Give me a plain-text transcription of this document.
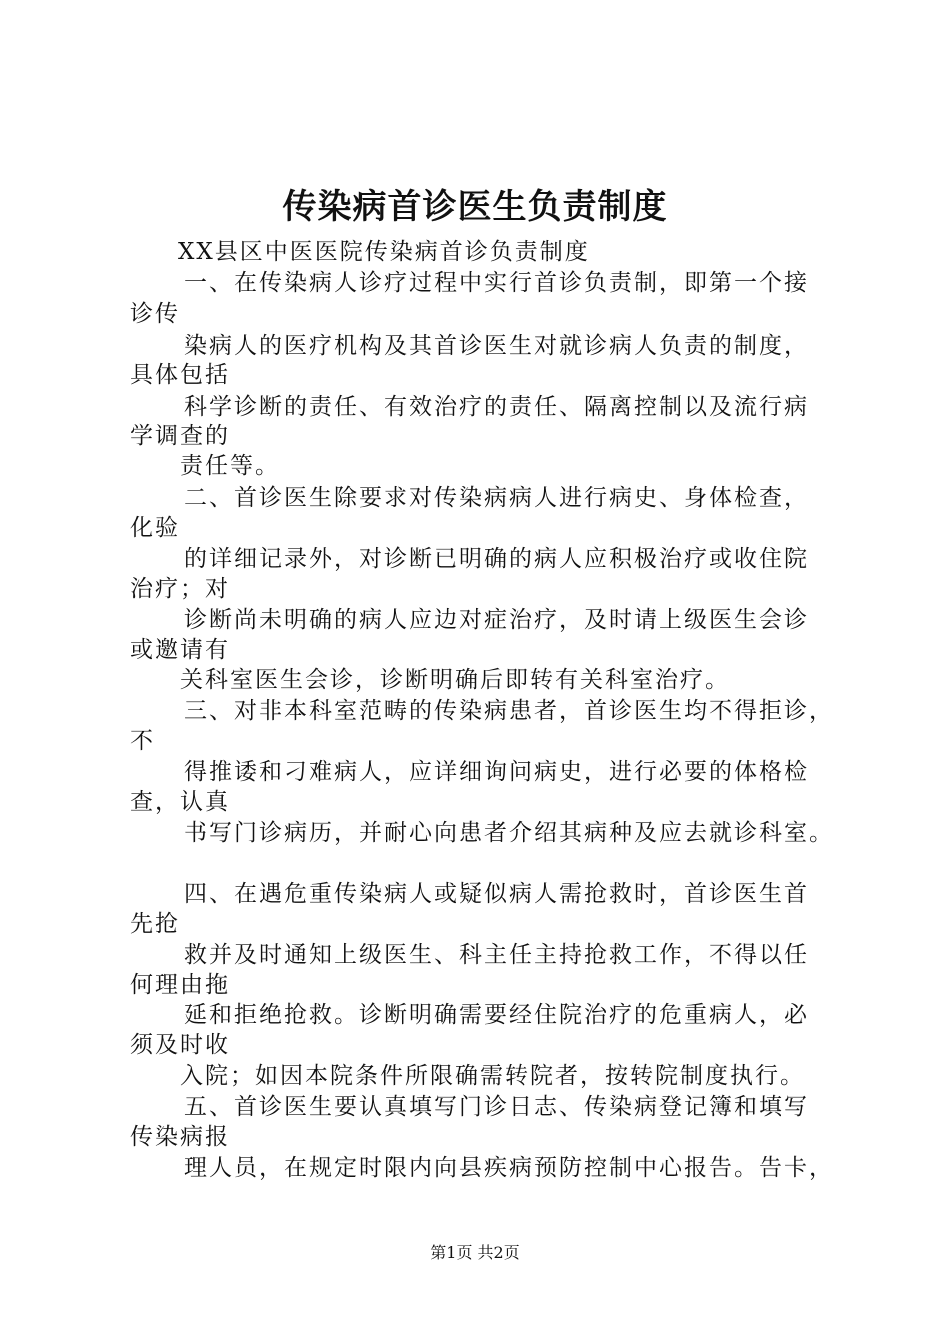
传染病首诊医生负责制度
XX县区中医医院传染病首诊负责制度
一、在传染病人诊疗过程中实行首诊负责制，即第一个接
诊传
染病人的医疗机构及其首诊医生对就诊病人负责的制度，
具体包括
科学诊断的责任、有效治疗的责任、隔离控制以及流行病
学调查的
责任等。
二、首诊医生除要求对传染病病人进行病史、身体检查，
化验
的详细记录外，对诊断已明确的病人应积极治疗或收住院
治疗；对
诊断尚未明确的病人应边对症治疗，及时请上级医生会诊
或邀请有
关科室医生会诊，诊断明确后即转有关科室治疗。
三、对非本科室范畴的传染病患者，首诊医生均不得拒诊，
不
得推诿和刁难病人，应详细询问病史，进行必要的体格检
查，认真
书写门诊病历，并耐心向患者介绍其病种及应去就诊科室。
四、在遇危重传染病人或疑似病人需抢救时，首诊医生首
先抢
救并及时通知上级医生、科主任主持抢救工作，不得以任
何理由拖
延和拒绝抢救。诊断明确需要经住院治疗的危重病人，必
须及时收
入院；如因本院条件所限确需转院者，按转院制度执行。
五、首诊医生要认真填写门诊日志、传染病登记簿和填写
传染病报
理人员，在规定时限内向县疾病预防控制中心报告。告卡，
第1页 共2页
